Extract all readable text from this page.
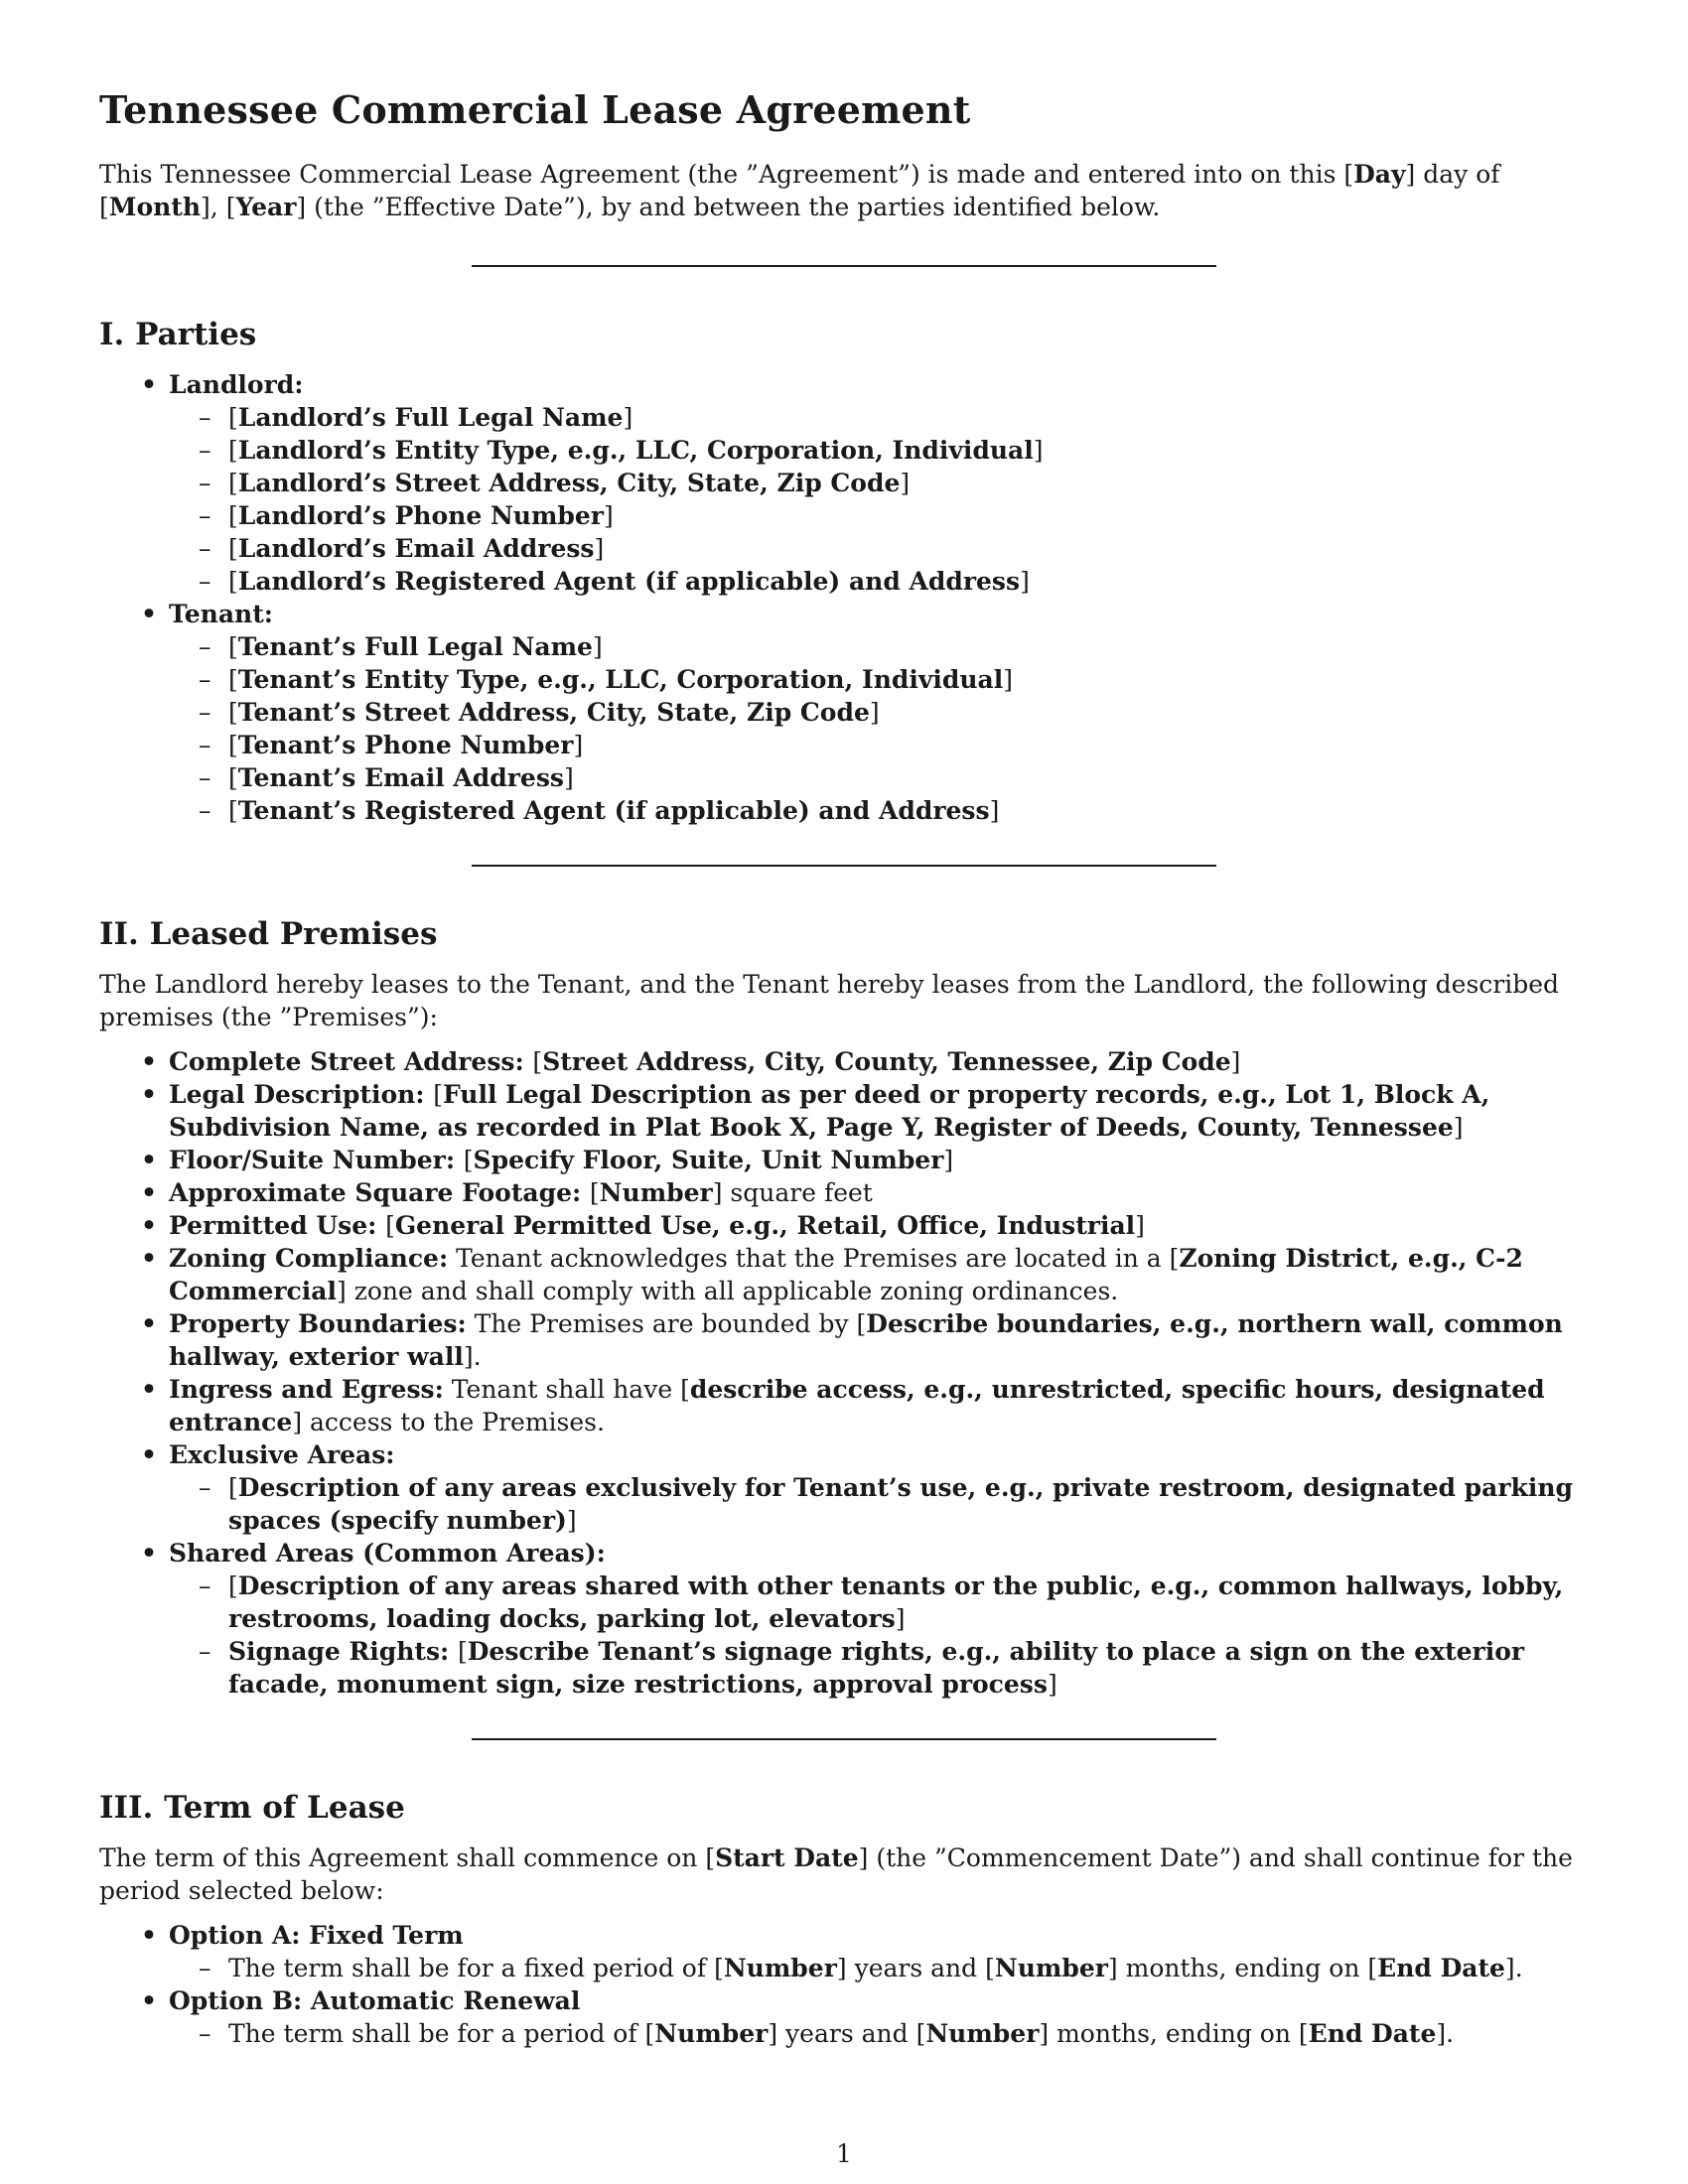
Tennessee Commercial Lease Agreement

This Tennessee Commercial Lease Agreement (the ”Agreement”) is made and entered into on this [Day] day of [Month], [Year] (the ”Effective Date”), by and between the parties identified below.

I. Parties
• Landlord:
– [Landlord’s Full Legal Name]
– [Landlord’s Entity Type, e.g., LLC, Corporation, Individual]
– [Landlord’s Street Address, City, State, Zip Code]
– [Landlord’s Phone Number]
– [Landlord’s Email Address]
– [Landlord’s Registered Agent (if applicable) and Address]
• Tenant:
– [Tenant’s Full Legal Name]
– [Tenant’s Entity Type, e.g., LLC, Corporation, Individual]
– [Tenant’s Street Address, City, State, Zip Code]
– [Tenant’s Phone Number]
– [Tenant’s Email Address]
– [Tenant’s Registered Agent (if applicable) and Address]
II. Leased Premises

The Landlord hereby leases to the Tenant, and the Tenant hereby leases from the Landlord, the following described premises (the ”Premises”):

• Complete Street Address: [Street Address, City, County, Tennessee, Zip Code]
• Legal Description: [Full Legal Description as per deed or property records, e.g., Lot 1, Block A, Subdivision Name, as recorded in Plat Book X, Page Y, Register of Deeds, County, Tennessee]
• Floor/Suite Number: [Specify Floor, Suite, Unit Number]
• Approximate Square Footage: [Number] square feet
• Permitted Use: [General Permitted Use, e.g., Retail, Office, Industrial]
• Zoning Compliance: Tenant acknowledges that the Premises are located in a [Zoning District, e.g., C-2 Commercial] zone and shall comply with all applicable zoning ordinances.
• Property Boundaries: The Premises are bounded by [Describe boundaries, e.g., northern wall, common hallway, exterior wall].
• Ingress and Egress: Tenant shall have [describe access, e.g., unrestricted, specific hours, designated entrance] access to the Premises.
• Exclusive Areas:
– [Description of any areas exclusively for Tenant’s use, e.g., private restroom, designated parking spaces (specify number)]
• Shared Areas (Common Areas):
– [Description of any areas shared with other tenants or the public, e.g., common hallways, lobby, restrooms, loading docks, parking lot, elevators]
– Signage Rights: [Describe Tenant’s signage rights, e.g., ability to place a sign on the exterior facade, monument sign, size restrictions, approval process]
III. Term of Lease

The term of this Agreement shall commence on [Start Date] (the ”Commencement Date”) and shall continue for the period selected below:

• Option A: Fixed Term
– The term shall be for a fixed period of [Number] years and [Number] months, ending on [End Date].
• Option B: Automatic Renewal
– The term shall be for a period of [Number] years and [Number] months, ending on [End Date].
1
